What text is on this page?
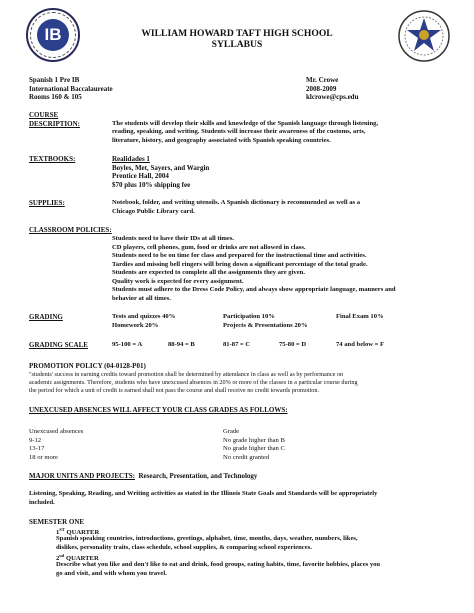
IB	WILLIAM HOWARD TAFT HIGH SCHOOL
SYLLABUS
Spanish 1 Pre IB
International Baccalaureate
Rooms 160 & 105
Mr. Crowe
2008-2009
klcrowe@cps.edu
COURSE
DESCRIPTION:	The students will develop their skills and knowledge of the Spanish language through listening,
reading, speaking, and writing. Students will increase their awareness of the customs, arts,
literature, history, and geography associated with Spanish speaking countries.
TEXTBOOKS:	Realidades 1
Boyles, Met, Sayers, and Wargin
Prentice Hall, 2004
$70 plus 10% shipping fee
SUPPLIES:	Notebook, folder, and writing utensils. A Spanish dictionary is recommended as well as a
Chicago Public Library card.
CLASSROOM POLICIES:
Students need to have their IDs at all times.
CD players, cell phones, gum, food or drinks are not allowed in class.
Students need to be on time for class and prepared for the instructional time and activities.
Tardies and missing bell ringers will bring down a significant percentage of the total grade.
Students are expected to complete all the assignments they are given.
Quality work is expected for every assignment.
Students must adhere to the Dress Code Policy, and always show appropriate language, manners and
behavior at all times.
GRADING	Tests and quizzes 40%	Participation 10%	Final Exam 10%
Homework 20%	Projects & Presentations 20%
GRADING SCALE	95-100 = A	88-94 = B	81-87 = C	75-80 = D	74 and below = F
PROMOTION POLICY (04-0128-P01)
"students' success in earning credits toward promotion shall be determined by attendance in class as well as by performance on
academic assignments. Therefore, students who have unexcused absences in 20% or more of the classes in a particular course during
the period for which a unit of credit is earned shall not pass the course and shall receive no credit towards promotion.
UNEXCUSED ABSENCES WILL AFFECT YOUR CLASS GRADES AS FOLLOWS:
Unexcused absences	Grade
9-12	No grade higher than B
13-17	No grade higher than C
18 or more	No credit granted
MAJOR UNITS AND PROJECTS: Research, Presentation, and Technology
Listening, Speaking, Reading, and Writing activities as stated in the Illinois State Goals and Standards will be appropriately
included.
SEMESTER ONE
1ST QUARTER
Spanish speaking countries, introductions, greetings, alphabet, time, months, days, weather, numbers, likes,
dislikes, personality traits, class schedule, school supplies, & comparing school experiences.
2nd QUARTER
Describe what you like and don't like to eat and drink, food groups, eating habits, time, favorite hobbies, places you
go and visit, and with whom you travel.
